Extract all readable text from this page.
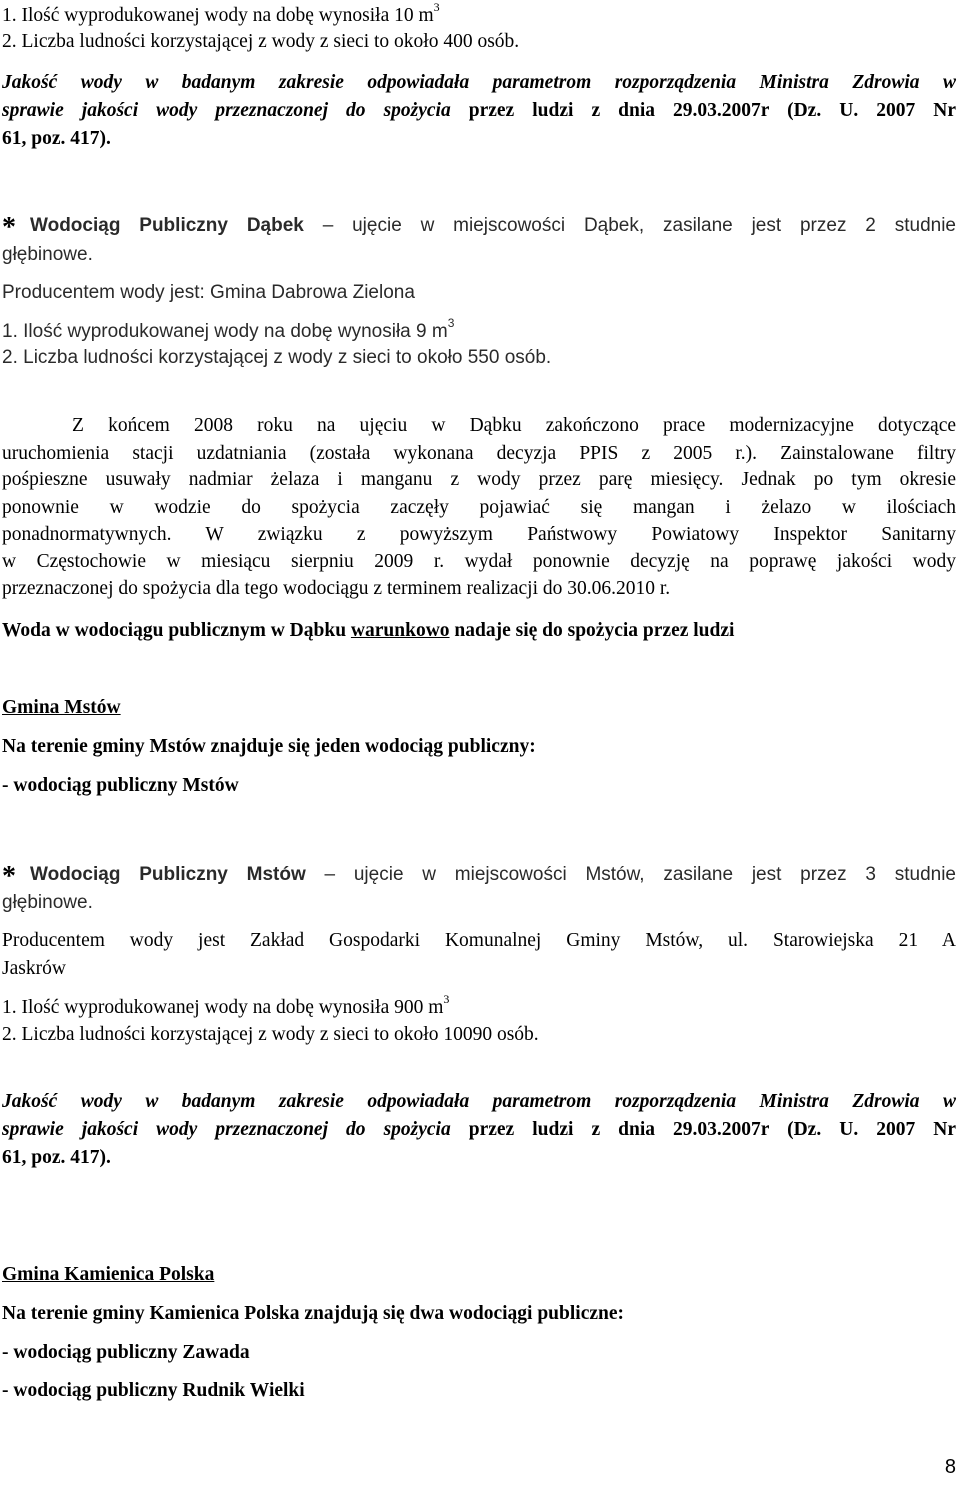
1. Ilość wyprodukowanej wody na dobę wynosiła 10 $m^3$
2. Liczba ludności korzystającej z wody z sieci to około 400 osób.
Jakość wody w badanym zakresie odpowiadała parametrom rozporządzenia Ministra Zdrowia w
sprawie jakości wody przeznaczonej do spożycia przez ludzi z dnia 29.03.2007r (Dz. U. 2007 Nr
61, poz. 417).
* Wodociąg Publiczny Dąbek – ujęcie w miejscowości Dąbek, zasilane jest przez 2 studnie
głębinowe.
Producentem wody jest: Gmina Dabrowa Zielona
1. Ilość wyprodukowanej wody na dobę wynosiła 9 $m^3$
2. Liczba ludności korzystającej z wody z sieci to około 550 osób.
Z końcem 2008 roku na ujęciu w Dąbku zakończono prace modernizacyjne dotyczące
uruchomienia stacji uzdatniania (została wykonana decyzja PPIS z 2005 r.). Zainstalowane filtry
pośpieszne usuwały nadmiar żelaza i manganu z wody przez parę miesięcy. Jednak po tym okresie
ponownie w wodzie do spożycia zaczęły pojawiać się mangan i żelazo w ilościach
ponadnormatywnych. W związku z powyższym Państwowy Powiatowy Inspektor Sanitarny
w Częstochowie w miesiącu sierpniu 2009 r. wydał ponownie decyzję na poprawę jakości wody
przeznaczonej do spożycia dla tego wodociągu z terminem realizacji do 30.06.2010 r.
Woda w wodociągu publicznym w Dąbku warunkowo nadaje się do spożycia przez ludzi
Gmina Mstów
Na terenie gminy Mstów znajduje się jeden wodociąg publiczny:
- wodociąg publiczny Mstów
* Wodociąg Publiczny Mstów – ujęcie w miejscowości Mstów, zasilane jest przez 3 studnie
głębinowe.
Producentem wody jest Zakład Gospodarki Komunalnej Gminy Mstów, ul. Starowiejska 21 A
Jaskrów
1. Ilość wyprodukowanej wody na dobę wynosiła 900 $m^3$
2. Liczba ludności korzystającej z wody z sieci to około 10090 osób.
Jakość wody w badanym zakresie odpowiadała parametrom rozporządzenia Ministra Zdrowia w
sprawie jakości wody przeznaczonej do spożycia przez ludzi z dnia 29.03.2007r (Dz. U. 2007 Nr
61, poz. 417).
Gmina Kamienica Polska
Na terenie gminy Kamienica Polska znajdują się dwa wodociągi publiczne:
- wodociąg publiczny Zawada
- wodociąg publiczny Rudnik Wielki
8
